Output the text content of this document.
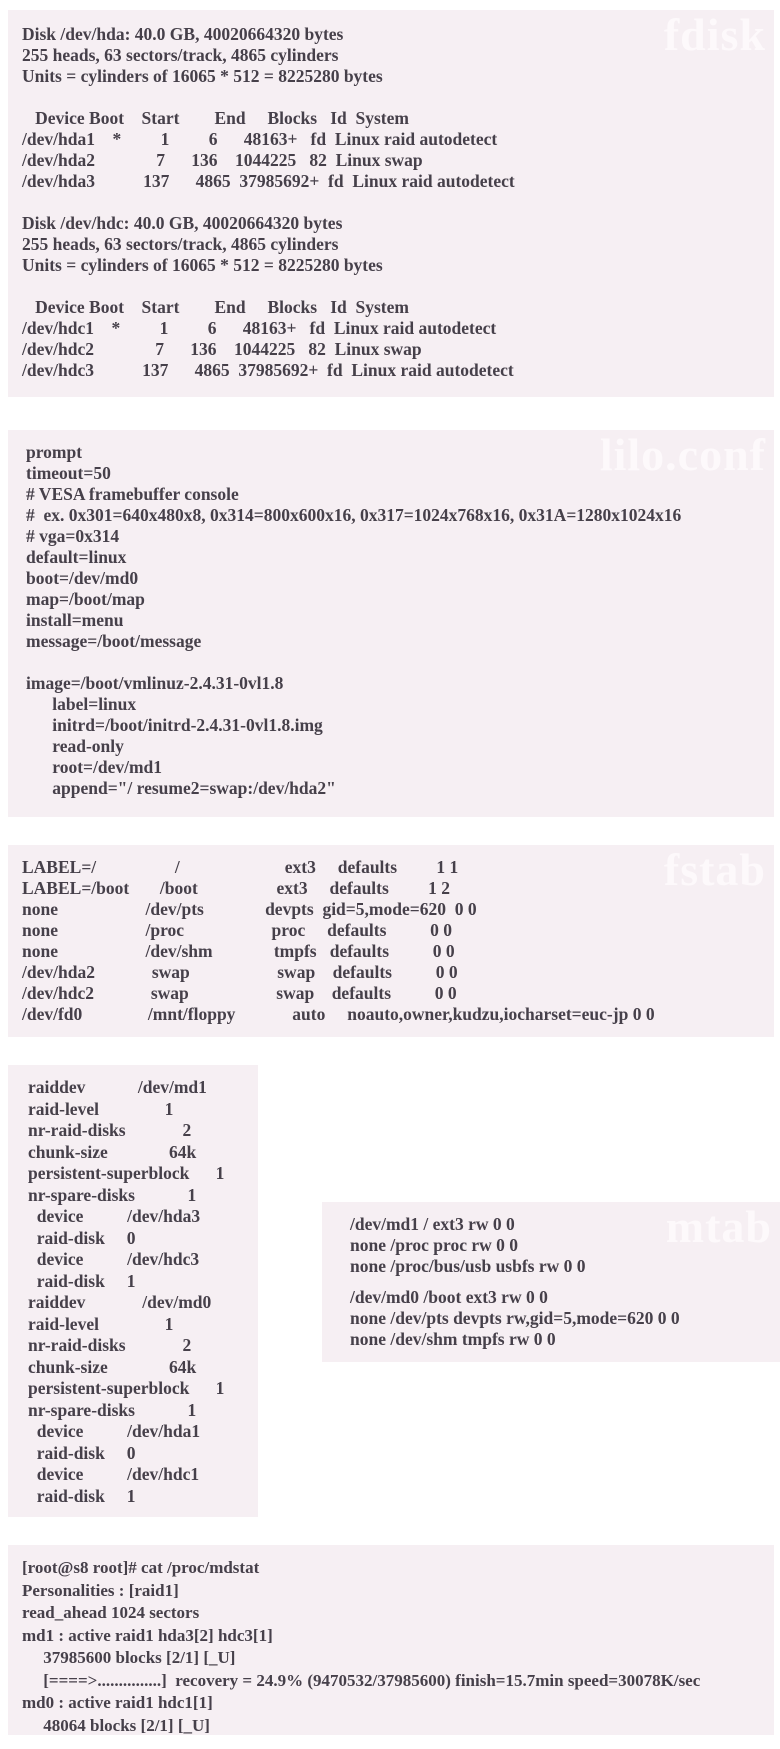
fdisk
Disk /dev/hda: 40.0 GB, 40020664320 bytes
255 heads, 63 sectors/track, 4865 cylinders
Units = cylinders of 16065 * 512 = 8225280 bytes
Device Boot    Start        End     Blocks   Id  System
/dev/hda1    *         1         6      48163+   fd  Linux raid autodetect
/dev/hda2              7      136    1044225   82  Linux swap
/dev/hda3           137      4865  37985692+  fd  Linux raid autodetect
Disk /dev/hdc: 40.0 GB, 40020664320 bytes
255 heads, 63 sectors/track, 4865 cylinders
Units = cylinders of 16065 * 512 = 8225280 bytes
Device Boot    Start        End     Blocks   Id  System
/dev/hdc1    *         1         6      48163+   fd  Linux raid autodetect
/dev/hdc2              7      136    1044225   82  Linux swap
/dev/hdc3           137      4865  37985692+  fd  Linux raid autodetect
lilo.conf
prompt
timeout=50
# VESA framebuffer console
#  ex. 0x301=640x480x8, 0x314=800x600x16, 0x317=1024x768x16, 0x31A=1280x1024x16
# vga=0x314
default=linux
boot=/dev/md0
map=/boot/map
install=menu
message=/boot/message
image=/boot/vmlinuz-2.4.31-0vl1.8
label=linux
initrd=/boot/initrd-2.4.31-0vl1.8.img
read-only
root=/dev/md1
append="/ resume2=swap:/dev/hda2"
fstab
LABEL=/                  /                        ext3     defaults         1 1
LABEL=/boot       /boot                  ext3     defaults         1 2
none                    /dev/pts              devpts  gid=5,mode=620  0 0
none                    /proc                    proc     defaults          0 0
none                    /dev/shm              tmpfs   defaults          0 0
/dev/hda2             swap                    swap    defaults          0 0
/dev/hdc2             swap                    swap    defaults          0 0
/dev/fd0               /mnt/floppy             auto     noauto,owner,kudzu,iocharset=euc-jp 0 0
raiddev            /dev/md1
raid-level               1
nr-raid-disks             2
chunk-size              64k
persistent-superblock      1
nr-spare-disks            1
device          /dev/hda3
raid-disk     0
device          /dev/hdc3
raid-disk     1
raiddev             /dev/md0
raid-level               1
nr-raid-disks             2
chunk-size              64k
persistent-superblock      1
nr-spare-disks            1
device          /dev/hda1
raid-disk     0
device          /dev/hdc1
raid-disk     1
mtab
/dev/md1 / ext3 rw 0 0
none /proc proc rw 0 0
none /proc/bus/usb usbfs rw 0 0
/dev/md0 /boot ext3 rw 0 0
none /dev/pts devpts rw,gid=5,mode=620 0 0
none /dev/shm tmpfs rw 0 0
[root@s8 root]# cat /proc/mdstat
Personalities : [raid1]
read_ahead 1024 sectors
md1 : active raid1 hda3[2] hdc3[1]
37985600 blocks [2/1] [_U]
[====>...............]  recovery = 24.9% (9470532/37985600) finish=15.7min speed=30078K/sec
md0 : active raid1 hdc1[1]
48064 blocks [2/1] [_U]
